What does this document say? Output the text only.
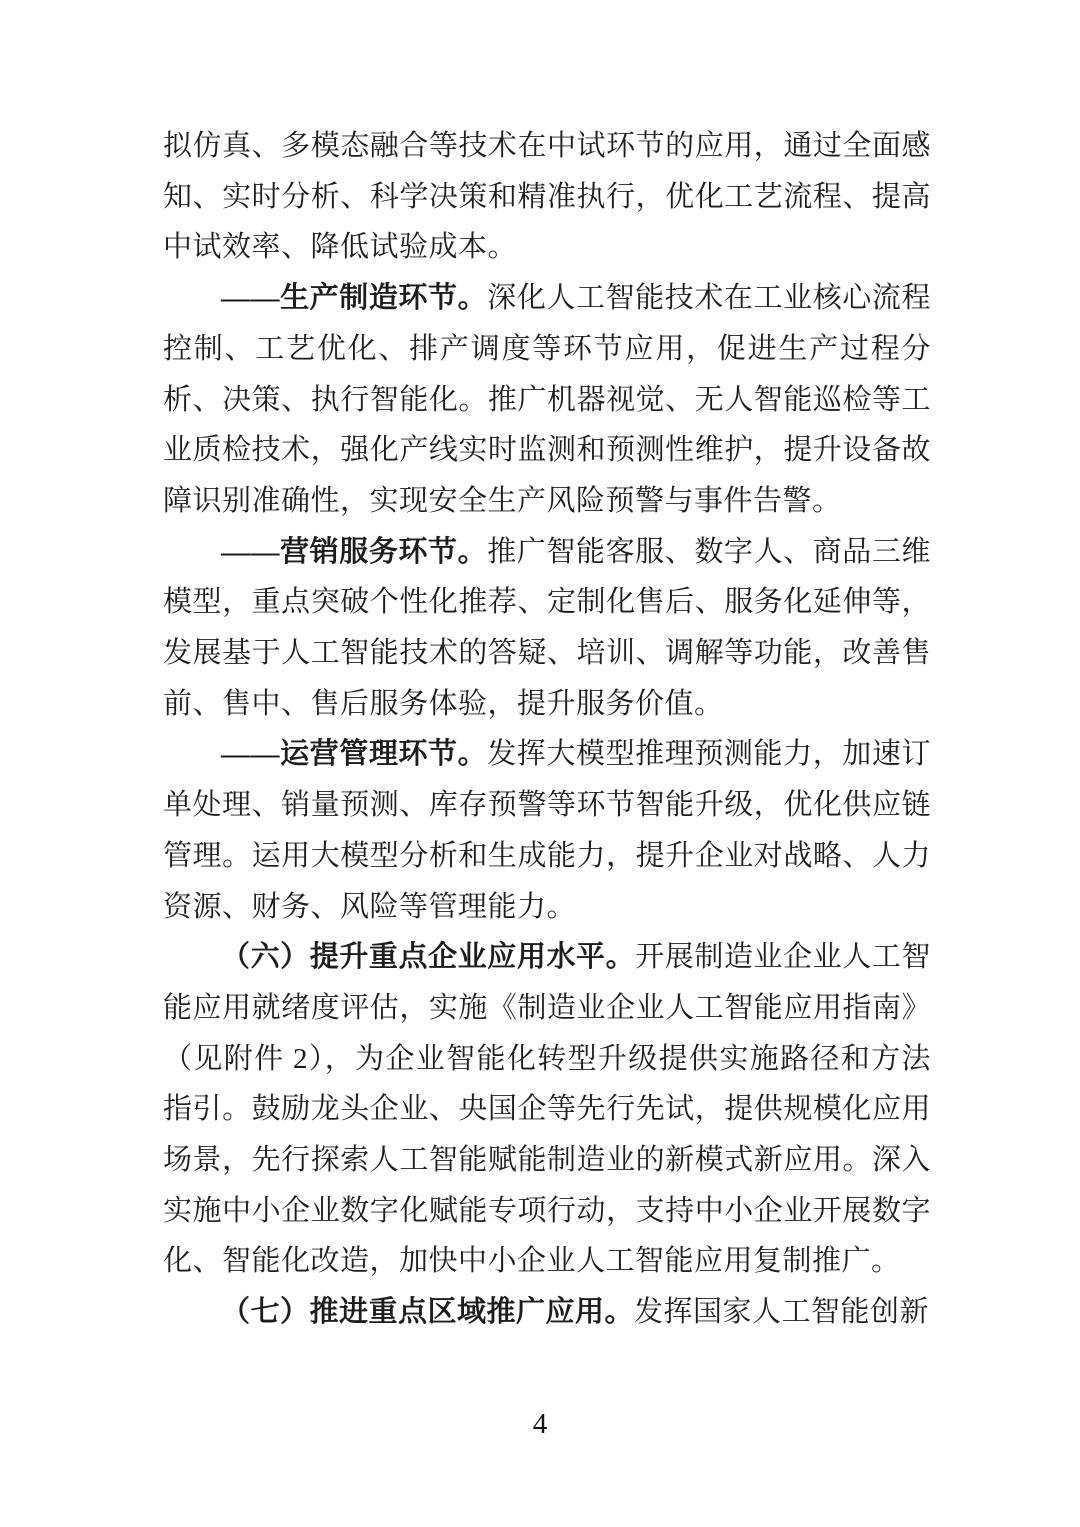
拟仿真、多模态融合等技术在中试环节的应用，通过全面感知、实时分析、科学决策和精准执行，优化工艺流程、提高中试效率、降低试验成本。

——生产制造环节。深化人工智能技术在工业核心流程控制、工艺优化、排产调度等环节应用，促进生产过程分析、决策、执行智能化。推广机器视觉、无人智能巡检等工业质检技术，强化产线实时监测和预测性维护，提升设备故障识别准确性，实现安全生产风险预警与事件告警。

——营销服务环节。推广智能客服、数字人、商品三维模型，重点突破个性化推荐、定制化售后、服务化延伸等，发展基于人工智能技术的答疑、培训、调解等功能，改善售前、售中、售后服务体验，提升服务价值。

——运营管理环节。发挥大模型推理预测能力，加速订单处理、销量预测、库存预警等环节智能升级，优化供应链管理。运用大模型分析和生成能力，提升企业对战略、人力资源、财务、风险等管理能力。

（六）提升重点企业应用水平。开展制造业企业人工智能应用就绪度评估，实施《制造业企业人工智能应用指南》（见附件 2），为企业智能化转型升级提供实施路径和方法指引。鼓励龙头企业、央国企等先行先试，提供规模化应用场景，先行探索人工智能赋能制造业的新模式新应用。深入实施中小企业数字化赋能专项行动，支持中小企业开展数字化、智能化改造，加快中小企业人工智能应用复制推广。

（七）推进重点区域推广应用。发挥国家人工智能创新

4
